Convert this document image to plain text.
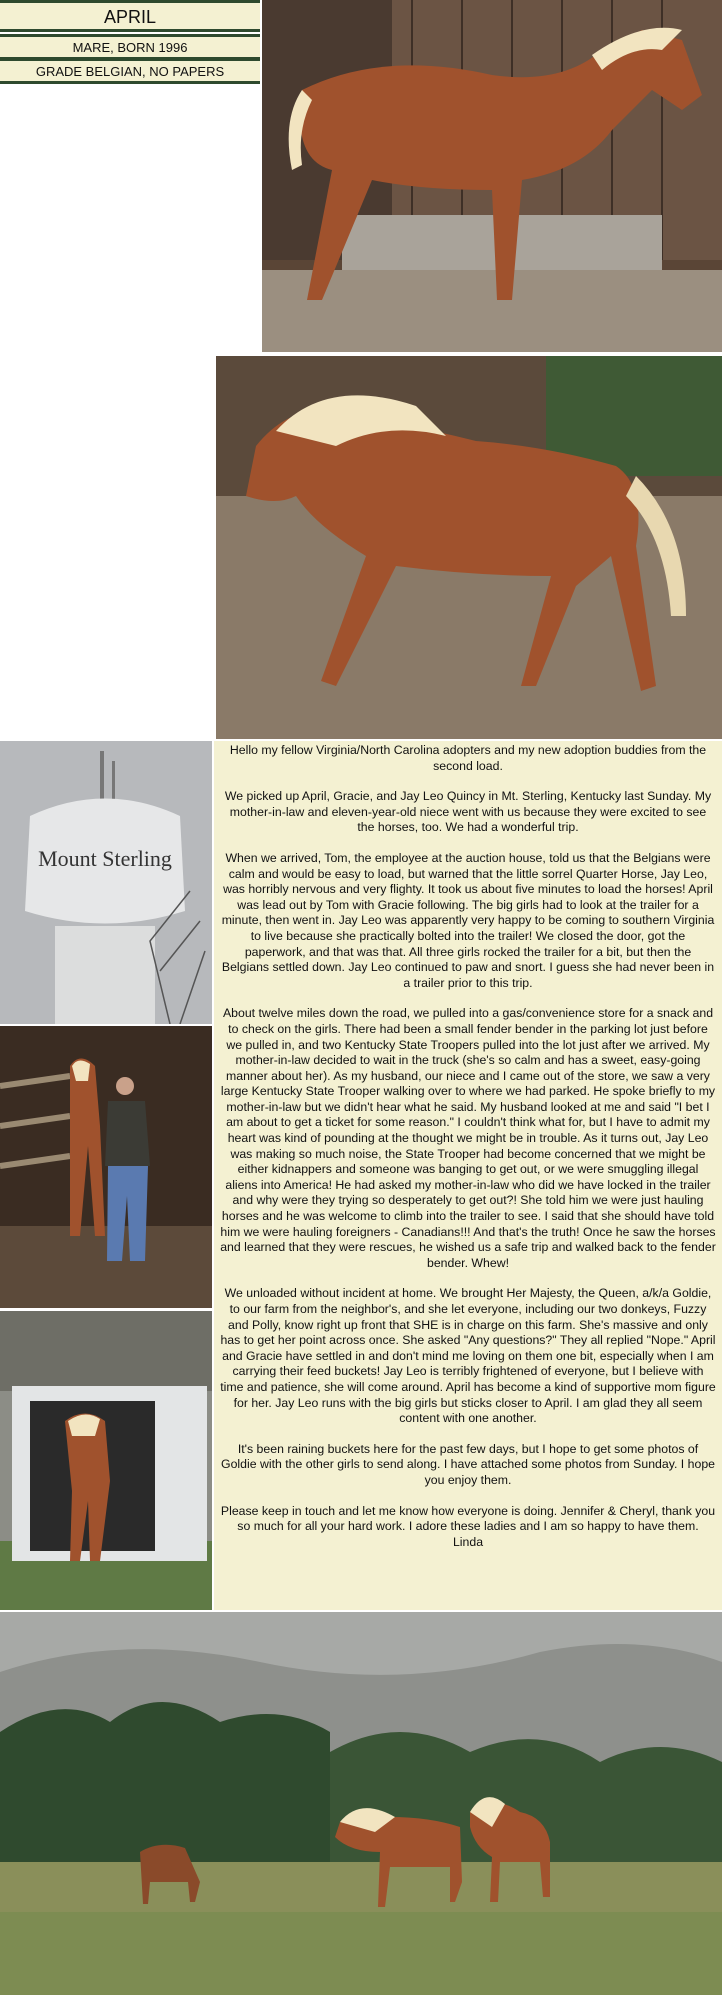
APRIL
MARE, BORN 1996
GRADE BELGIAN, NO PAPERS
Mount Sterling

Hello my fellow Virginia/North Carolina adopters and my new adoption buddies from the second load.

We picked up April, Gracie, and Jay Leo Quincy in Mt. Sterling, Kentucky last Sunday. My mother-in-law and eleven-year-old niece went with us because they were excited to see the horses, too. We had a wonderful trip.

When we arrived, Tom, the employee at the auction house, told us that the Belgians were calm and would be easy to load, but warned that the little sorrel Quarter Horse, Jay Leo, was horribly nervous and very flighty. It took us about five minutes to load the horses! April was lead out by Tom with Gracie following. The big girls had to look at the trailer for a minute, then went in. Jay Leo was apparently very happy to be coming to southern Virginia to live because she practically bolted into the trailer! We closed the door, got the paperwork, and that was that. All three girls rocked the trailer for a bit, but then the Belgians settled down. Jay Leo continued to paw and snort. I guess she had never been in a trailer prior to this trip.

About twelve miles down the road, we pulled into a gas/convenience store for a snack and to check on the girls. There had been a small fender bender in the parking lot just before we pulled in, and two Kentucky State Troopers pulled into the lot just after we arrived. My mother-in-law decided to wait in the truck (she's so calm and has a sweet, easy-going manner about her). As my husband, our niece and I came out of the store, we saw a very large Kentucky State Trooper walking over to where we had parked. He spoke briefly to my mother-in-law but we didn't hear what he said. My husband looked at me and said "I bet I am about to get a ticket for some reason." I couldn't think what for, but I have to admit my heart was kind of pounding at the thought we might be in trouble. As it turns out, Jay Leo was making so much noise, the State Trooper had become concerned that we might be either kidnappers and someone was banging to get out, or we were smuggling illegal aliens into America! He had asked my mother-in-law who did we have locked in the trailer and why were they trying so desperately to get out?! She told him we were just hauling horses and he was welcome to climb into the trailer to see. I said that she should have told him we were hauling foreigners - Canadians!!! And that's the truth! Once he saw the horses and learned that they were rescues, he wished us a safe trip and walked back to the fender bender. Whew!

We unloaded without incident at home. We brought Her Majesty, the Queen, a/k/a Goldie, to our farm from the neighbor's, and she let everyone, including our two donkeys, Fuzzy and Polly, know right up front that SHE is in charge on this farm. She's massive and only has to get her point across once. She asked "Any questions?" They all replied "Nope." April and Gracie have settled in and don't mind me loving on them one bit, especially when I am carrying their feed buckets! Jay Leo is terribly frightened of everyone, but I believe with time and patience, she will come around. April has become a kind of supportive mom figure for her. Jay Leo runs with the big girls but sticks closer to April. I am glad they all seem content with one another.

It's been raining buckets here for the past few days, but I hope to get some photos of Goldie with the other girls to send along. I have attached some photos from Sunday. I hope you enjoy them.

Please keep in touch and let me know how everyone is doing. Jennifer & Cheryl, thank you so much for all your hard work. I adore these ladies and I am so happy to have them.

Linda
